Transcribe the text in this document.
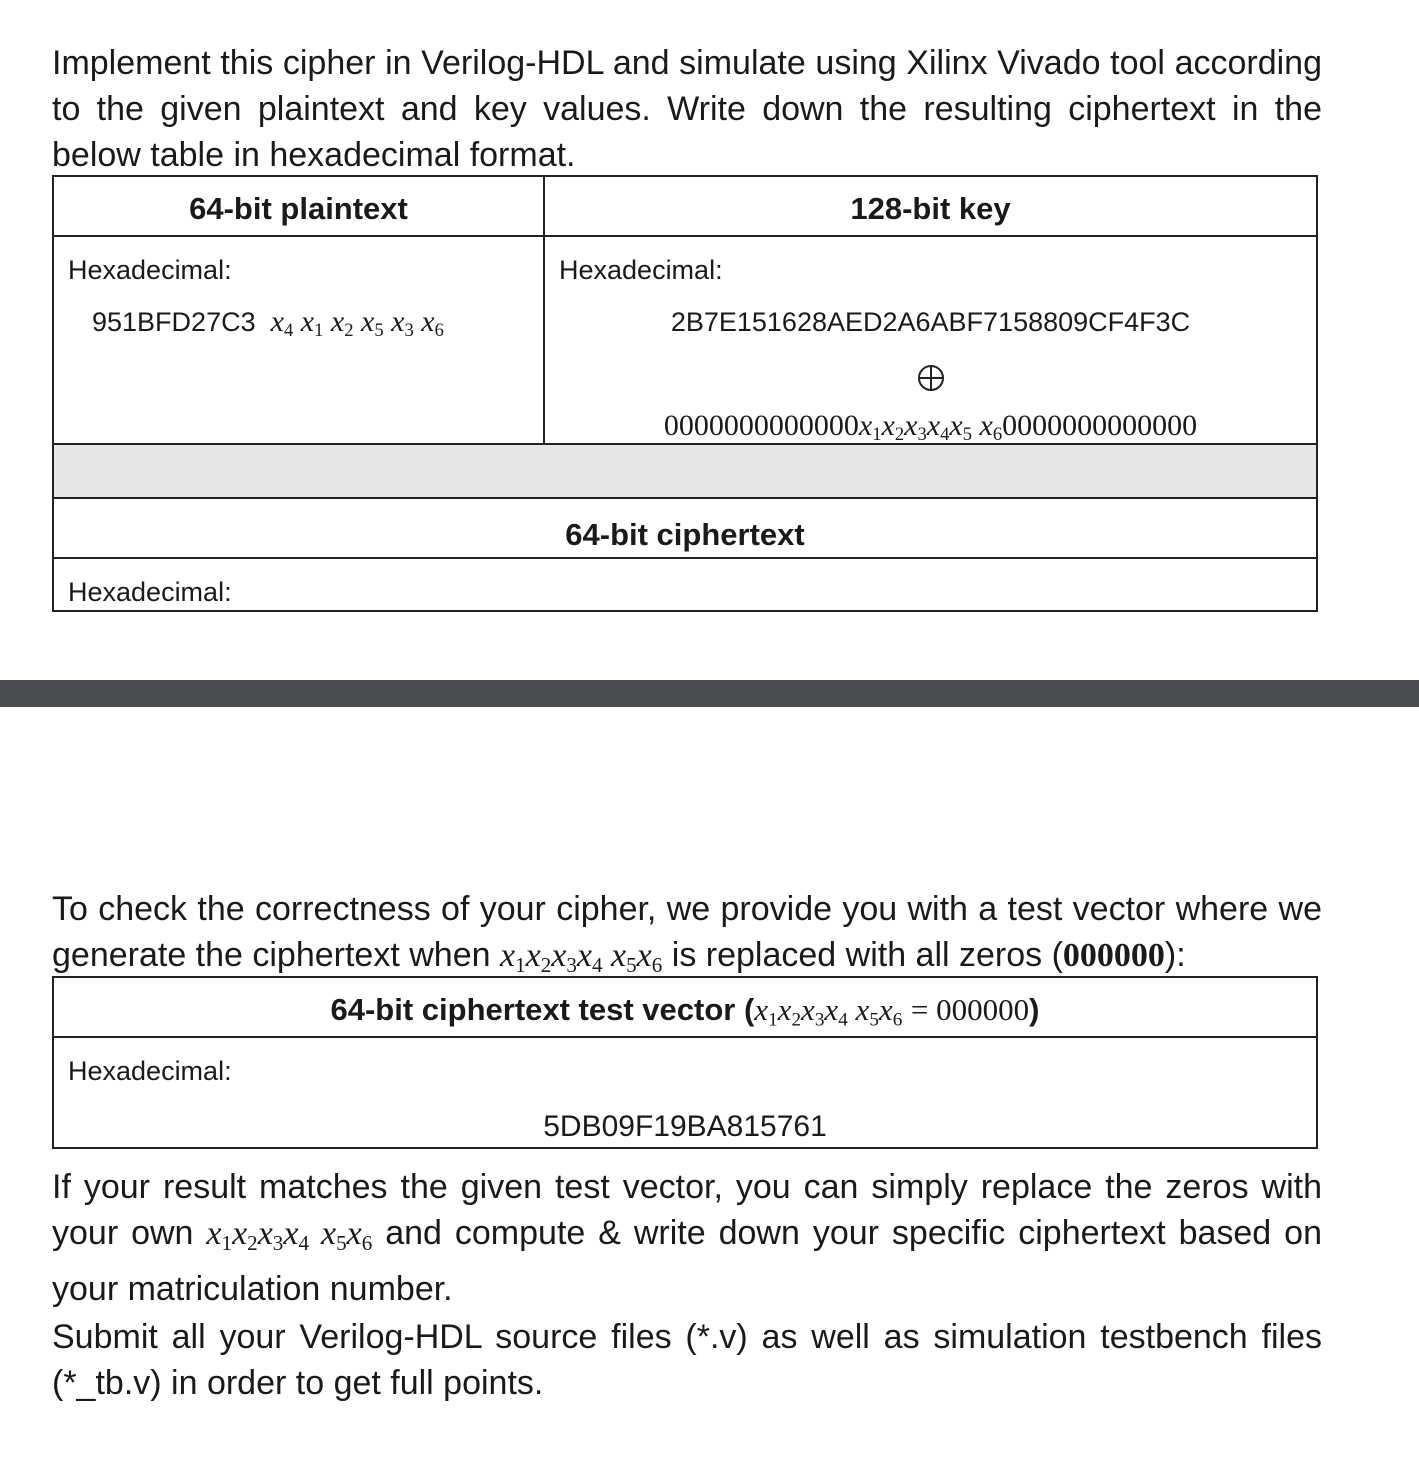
Implement this cipher in Verilog-HDL and simulate using Xilinx Vivado tool according to the given plaintext and key values. Write down the resulting ciphertext in the below table in hexadecimal format.

64-bit plaintext	128-bit key
Hexadecimal:
951BFD27C3  $x_4$ $x_1$ $x_2$ $x_5$ $x_3$ $x_6$
Hexadecimal:
2B7E151628AED2A6ABF7158809CF4F3C
$0000000000000x_1x_2x_3x_4x_5$ $x_60000000000000$
64-bit ciphertext
Hexadecimal:

To check the correctness of your cipher, we provide you with a test vector where we generate the ciphertext when $x_1x_2x_3x_4$ $x_5x_6$ is replaced with all zeros (000000):

64-bit ciphertext test vector ($x_1x_2x_3x_4$ $x_5x_6 = 000000$)
Hexadecimal:
5DB09F19BA815761

If your result matches the given test vector, you can simply replace the zeros with your own $x_1x_2x_3x_4$ $x_5x_6$ and compute & write down your specific ciphertext based on your matriculation number.

Submit all your Verilog-HDL source files (*.v) as well as simulation testbench files (*_tb.v) in order to get full points.
